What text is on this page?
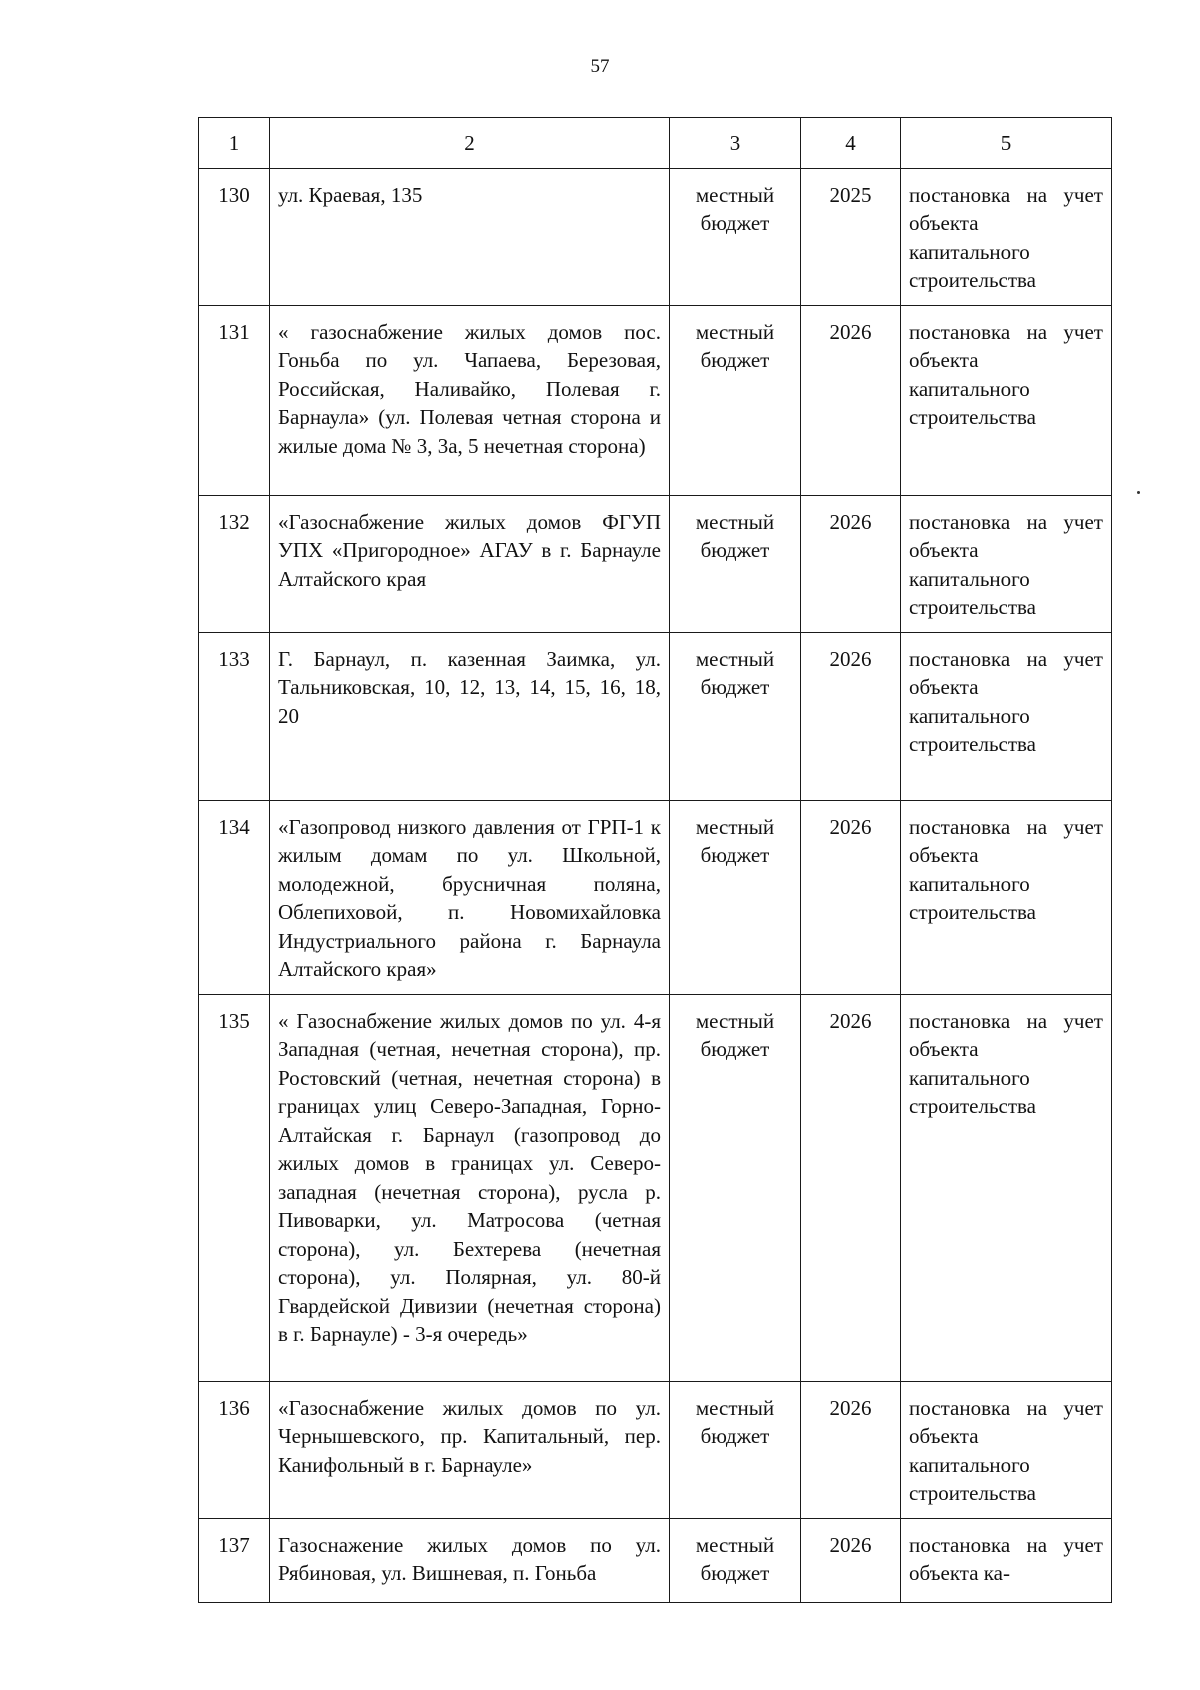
57
1	2	3	4	5
130	ул. Краевая, 135	местный бюджет	2025	постановка на учет объекта капитального строительства
131	« газоснабжение жилых домов пос. Гоньба по ул. Чапаева, Березовая, Российская, Наливайко, Полевая г. Барнаула» (ул. Полевая четная сторона и жилые дома № 3, 3а, 5 нечетная сторона)	местный бюджет	2026	постановка на учет объекта капитального строительства
132	«Газоснабжение жилых домов ФГУП УПХ «Пригородное» АГАУ в г. Барнауле Алтайского края	местный бюджет	2026	постановка на учет объекта капитального строительства
133	Г. Барнаул, п. казенная Заимка, ул. Тальниковская, 10, 12, 13, 14, 15, 16, 18, 20	местный бюджет	2026	постановка на учет объекта капитального строительства
134	«Газопровод низкого давления от ГРП-1 к жилым домам по ул. Школьной, молодежной, брусничная поляна, Облепиховой, п. Новомихайловка Индустриального района г. Барнаула Алтайского края»	местный бюджет	2026	постановка на учет объекта капитального строительства
135	« Газоснабжение жилых домов по ул. 4-я Западная (четная, нечетная сторона), пр. Ростовский (четная, нечетная сторона) в границах улиц Северо-Западная, Горно-Алтайская г. Барнаул (газопровод до жилых домов в границах ул. Северо-западная (нечетная сторона), русла р. Пивоварки, ул. Матросова (четная сторона), ул. Бехтерева (нечетная сторона), ул. Полярная, ул. 80-й Гвардейской Дивизии (нечетная сторона) в г. Барнауле) - 3-я очередь»	местный бюджет	2026	постановка на учет объекта капитального строительства
136	«Газоснабжение жилых домов по ул. Чернышевского, пр. Капитальный, пер. Канифольный в г. Барнауле»	местный бюджет	2026	постановка на учет объекта капитального строительства
137	Газоснажение жилых домов по ул. Рябиновая, ул. Вишневая, п. Гоньба	местный бюджет	2026	постановка на учет объекта ка-
